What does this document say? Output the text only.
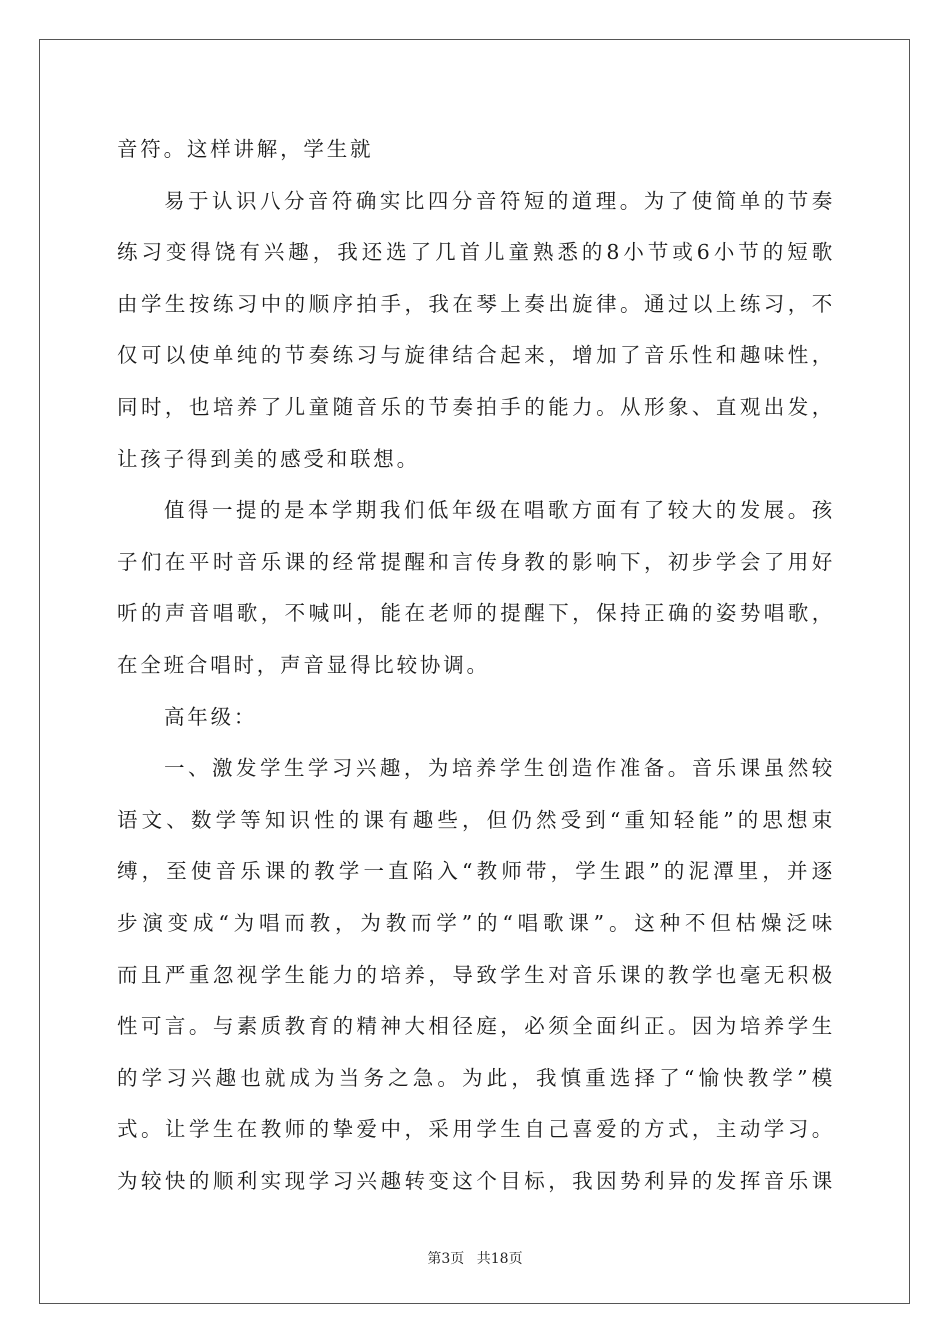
音符。这样讲解，学生就
易于认识八分音符确实比四分音符短的道理。为了使简单的节奏
练习变得饶有兴趣，我还选了几首儿童熟悉的8小节或6小节的短歌
由学生按练习中的顺序拍手，我在琴上奏出旋律。通过以上练习，不
仅可以使单纯的节奏练习与旋律结合起来，增加了音乐性和趣味性，
同时，也培养了儿童随音乐的节奏拍手的能力。从形象、直观出发，
让孩子得到美的感受和联想。
值得一提的是本学期我们低年级在唱歌方面有了较大的发展。孩
子们在平时音乐课的经常提醒和言传身教的影响下，初步学会了用好
听的声音唱歌，不喊叫，能在老师的提醒下，保持正确的姿势唱歌，
在全班合唱时，声音显得比较协调。
高年级：
一、激发学生学习兴趣，为培养学生创造作准备。音乐课虽然较
语文、数学等知识性的课有趣些，但仍然受到“重知轻能”的思想束
缚，至使音乐课的教学一直陷入“教师带，学生跟”的泥潭里，并逐
步演变成“为唱而教，为教而学”的“唱歌课”。这种不但枯燥泛味
而且严重忽视学生能力的培养，导致学生对音乐课的教学也毫无积极
性可言。与素质教育的精神大相径庭，必须全面纠正。因为培养学生
的学习兴趣也就成为当务之急。为此，我慎重选择了“愉快教学”模
式。让学生在教师的挚爱中，采用学生自己喜爱的方式，主动学习。
为较快的顺利实现学习兴趣转变这个目标，我因势利异的发挥音乐课
第3页 共18页
